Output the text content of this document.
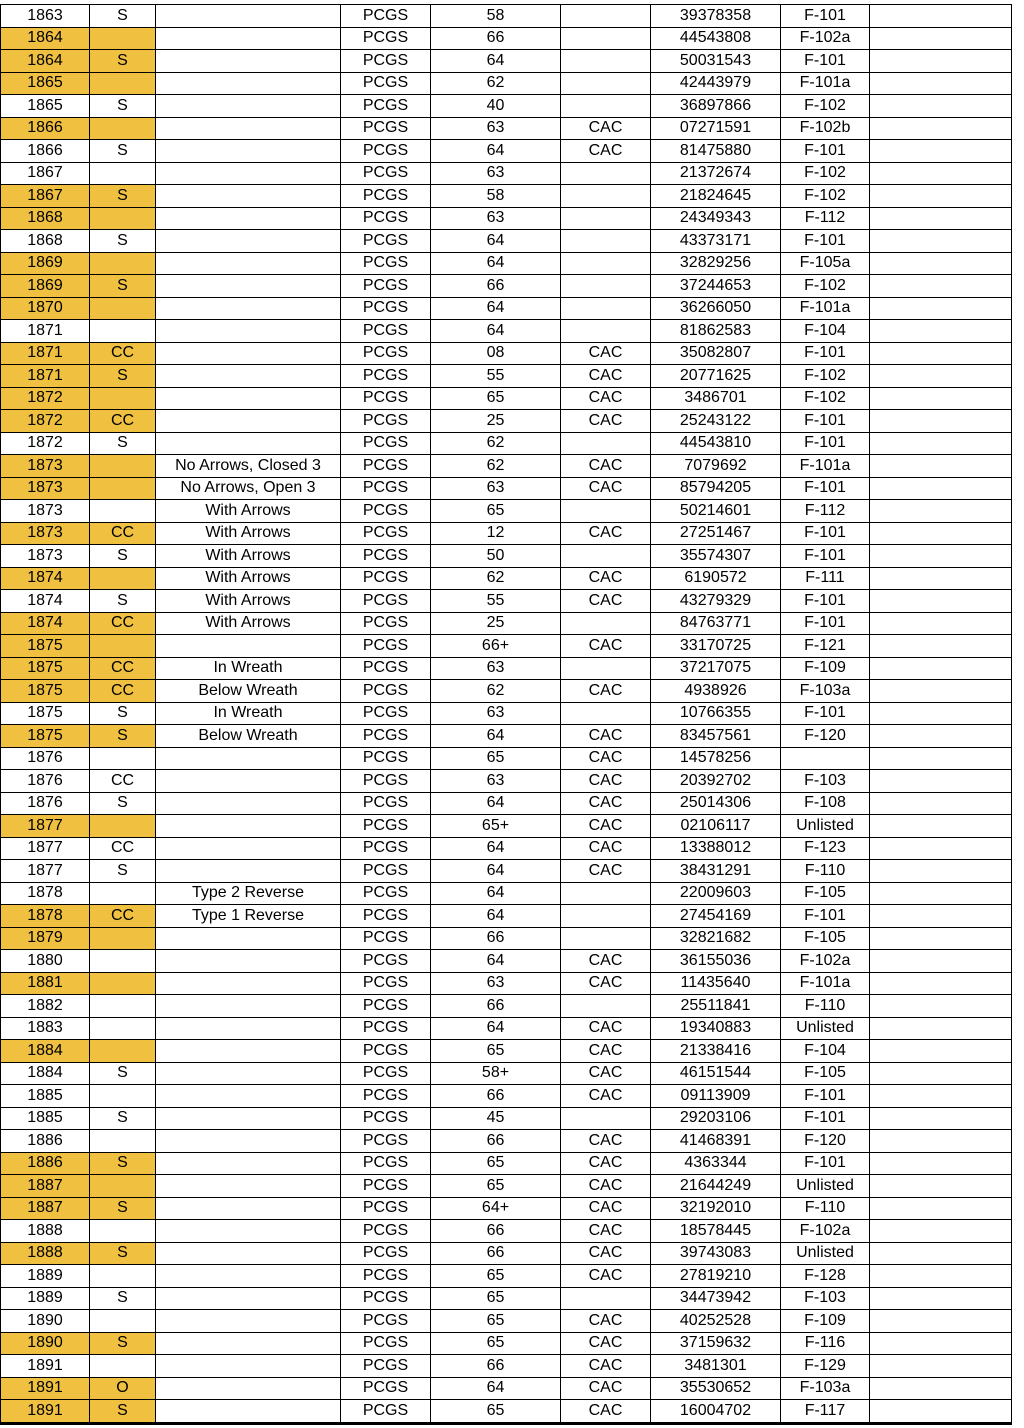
1863	S		PCGS	58		39378358	F-101	
1864			PCGS	66		44543808	F-102a	
1864	S		PCGS	64		50031543	F-101	
1865			PCGS	62		42443979	F-101a	
1865	S		PCGS	40		36897866	F-102	
1866			PCGS	63	CAC	07271591	F-102b	
1866	S		PCGS	64	CAC	81475880	F-101	
1867			PCGS	63		21372674	F-102	
1867	S		PCGS	58		21824645	F-102	
1868			PCGS	63		24349343	F-112	
1868	S		PCGS	64		43373171	F-101	
1869			PCGS	64		32829256	F-105a	
1869	S		PCGS	66		37244653	F-102	
1870			PCGS	64		36266050	F-101a	
1871			PCGS	64		81862583	F-104	
1871	CC		PCGS	08	CAC	35082807	F-101	
1871	S		PCGS	55	CAC	20771625	F-102	
1872			PCGS	65	CAC	3486701	F-102	
1872	CC		PCGS	25	CAC	25243122	F-101	
1872	S		PCGS	62		44543810	F-101	
1873		No Arrows, Closed 3	PCGS	62	CAC	7079692	F-101a	
1873		No Arrows, Open 3	PCGS	63	CAC	85794205	F-101	
1873		With Arrows	PCGS	65		50214601	F-112	
1873	CC	With Arrows	PCGS	12	CAC	27251467	F-101	
1873	S	With Arrows	PCGS	50		35574307	F-101	
1874		With Arrows	PCGS	62	CAC	6190572	F-111	
1874	S	With Arrows	PCGS	55	CAC	43279329	F-101	
1874	CC	With Arrows	PCGS	25		84763771	F-101	
1875			PCGS	66+	CAC	33170725	F-121	
1875	CC	In Wreath	PCGS	63		37217075	F-109	
1875	CC	Below Wreath	PCGS	62	CAC	4938926	F-103a	
1875	S	In Wreath	PCGS	63		10766355	F-101	
1875	S	Below Wreath	PCGS	64	CAC	83457561	F-120	
1876			PCGS	65	CAC	14578256		
1876	CC		PCGS	63	CAC	20392702	F-103	
1876	S		PCGS	64	CAC	25014306	F-108	
1877			PCGS	65+	CAC	02106117	Unlisted	
1877	CC		PCGS	64	CAC	13388012	F-123	
1877	S		PCGS	64	CAC	38431291	F-110	
1878		Type 2 Reverse	PCGS	64		22009603	F-105	
1878	CC	Type 1 Reverse	PCGS	64		27454169	F-101	
1879			PCGS	66		32821682	F-105	
1880			PCGS	64	CAC	36155036	F-102a	
1881			PCGS	63	CAC	11435640	F-101a	
1882			PCGS	66		25511841	F-110	
1883			PCGS	64	CAC	19340883	Unlisted	
1884			PCGS	65	CAC	21338416	F-104	
1884	S		PCGS	58+	CAC	46151544	F-105	
1885			PCGS	66	CAC	09113909	F-101	
1885	S		PCGS	45		29203106	F-101	
1886			PCGS	66	CAC	41468391	F-120	
1886	S		PCGS	65	CAC	4363344	F-101	
1887			PCGS	65	CAC	21644249	Unlisted	
1887	S		PCGS	64+	CAC	32192010	F-110	
1888			PCGS	66	CAC	18578445	F-102a	
1888	S		PCGS	66	CAC	39743083	Unlisted	
1889			PCGS	65	CAC	27819210	F-128	
1889	S		PCGS	65		34473942	F-103	
1890			PCGS	65	CAC	40252528	F-109	
1890	S		PCGS	65	CAC	37159632	F-116	
1891			PCGS	66	CAC	3481301	F-129	
1891	O		PCGS	64	CAC	35530652	F-103a	
1891	S		PCGS	65	CAC	16004702	F-117	
